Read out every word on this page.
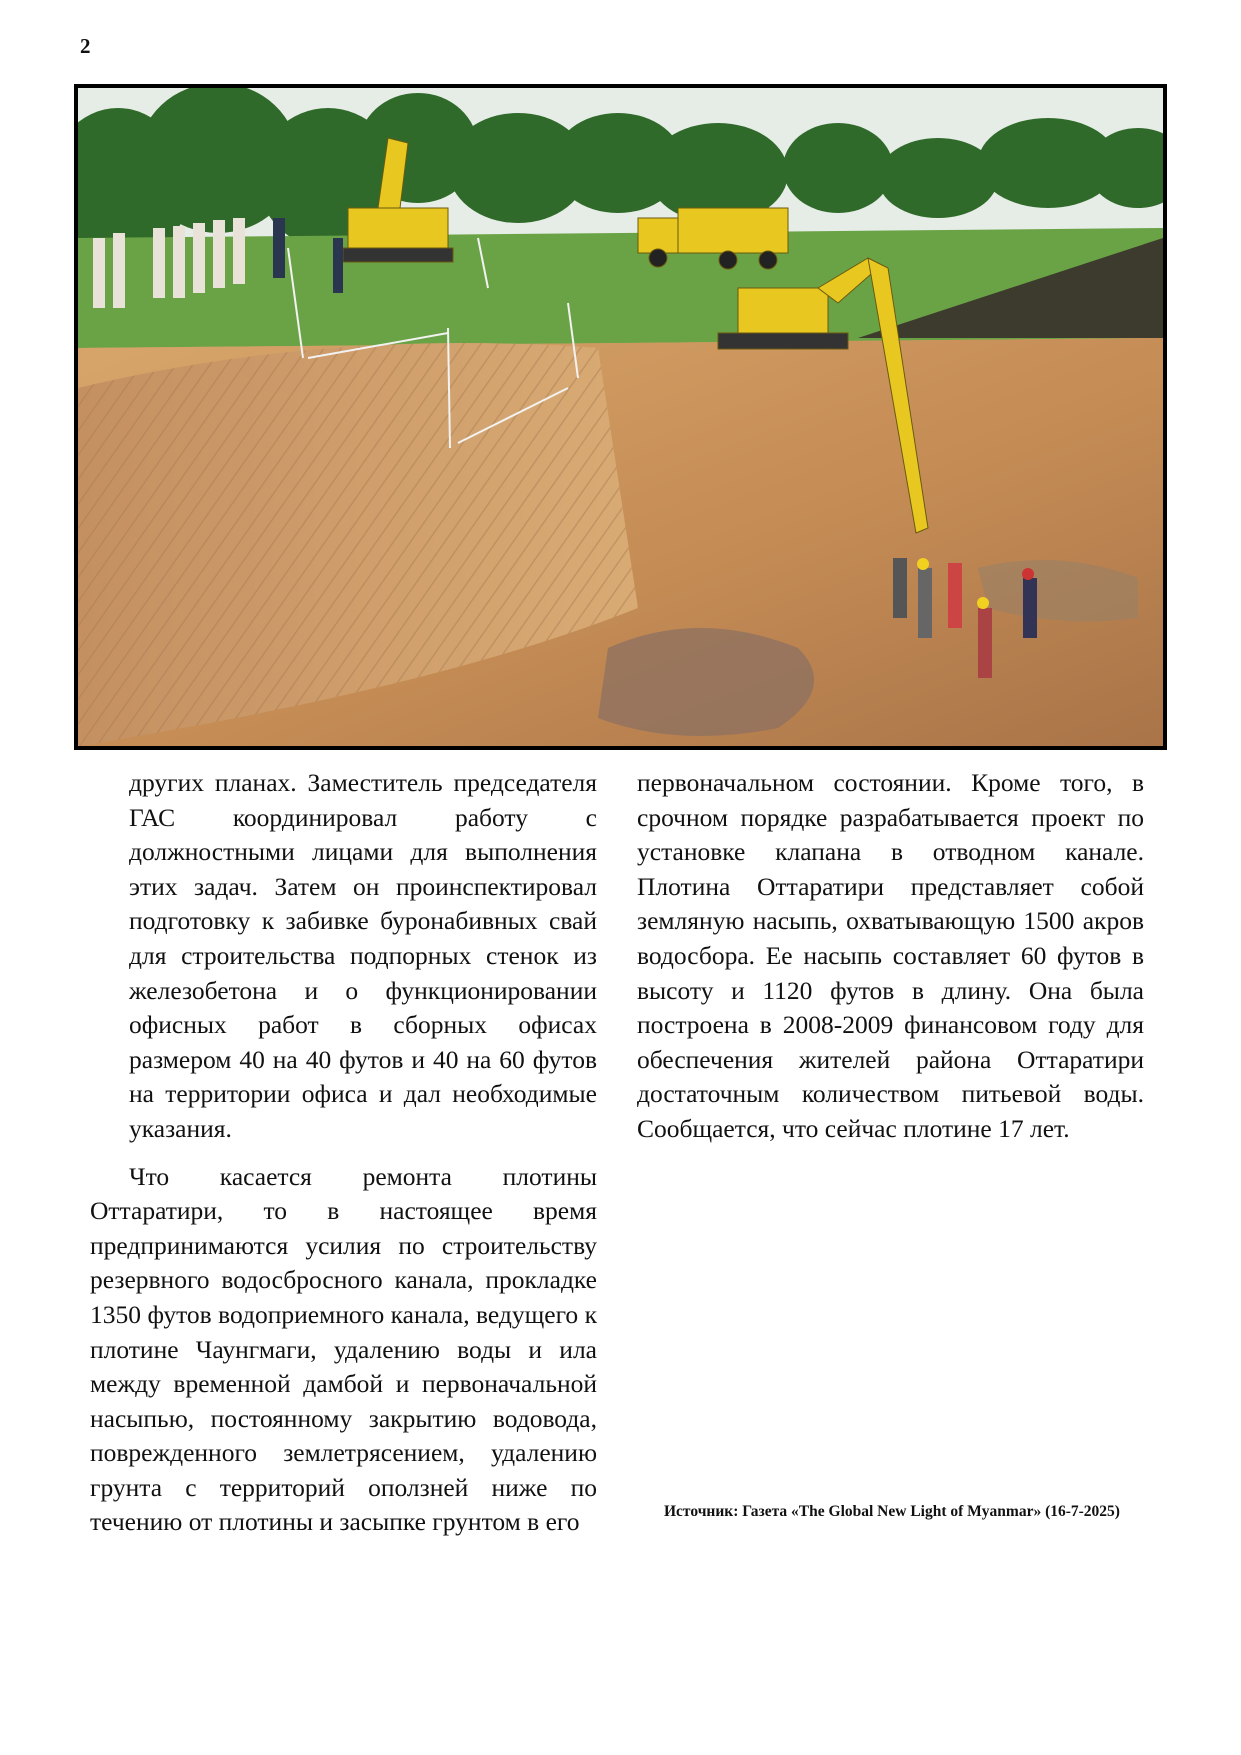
2

других планах. Заместитель председателя ГАС координировал работу с должностными лицами для выполнения этих задач. Затем он проинспектировал подготовку к забивке буронабивных свай для строительства подпорных стенок из железобетона и о функционировании офисных работ в сборных офисах размером 40 на 40 футов и 40 на 60 футов на территории офиса и дал необходимые указания.

Что касается ремонта плотины Оттаратири, то в настоящее время предпринимаются усилия по строительству резервного водосбросного канала, прокладке 1350 футов водоприемного канала, ведущего к плотине Чаунгмаги, удалению воды и ила между временной дамбой и первоначальной насыпью, постоянному закрытию водовода, поврежденного землетрясением, удалению грунта с территорий оползней ниже по течению от плотины и засыпке грунтом в его

первоначальном состоянии. Кроме того, в срочном порядке разрабатывается проект по установке клапана в отводном канале. Плотина Оттаратири представляет собой земляную насыпь, охватывающую 1500 акров водосбора. Ее насыпь составляет 60 футов в высоту и 1120 футов в длину. Она была построена в 2008-2009 финансовом году для обеспечения жителей района Оттаратири достаточным количеством питьевой воды. Сообщается, что сейчас плотине 17 лет.

Источник: Газета «The Global New Light of Myanmar» (16-7-2025)
